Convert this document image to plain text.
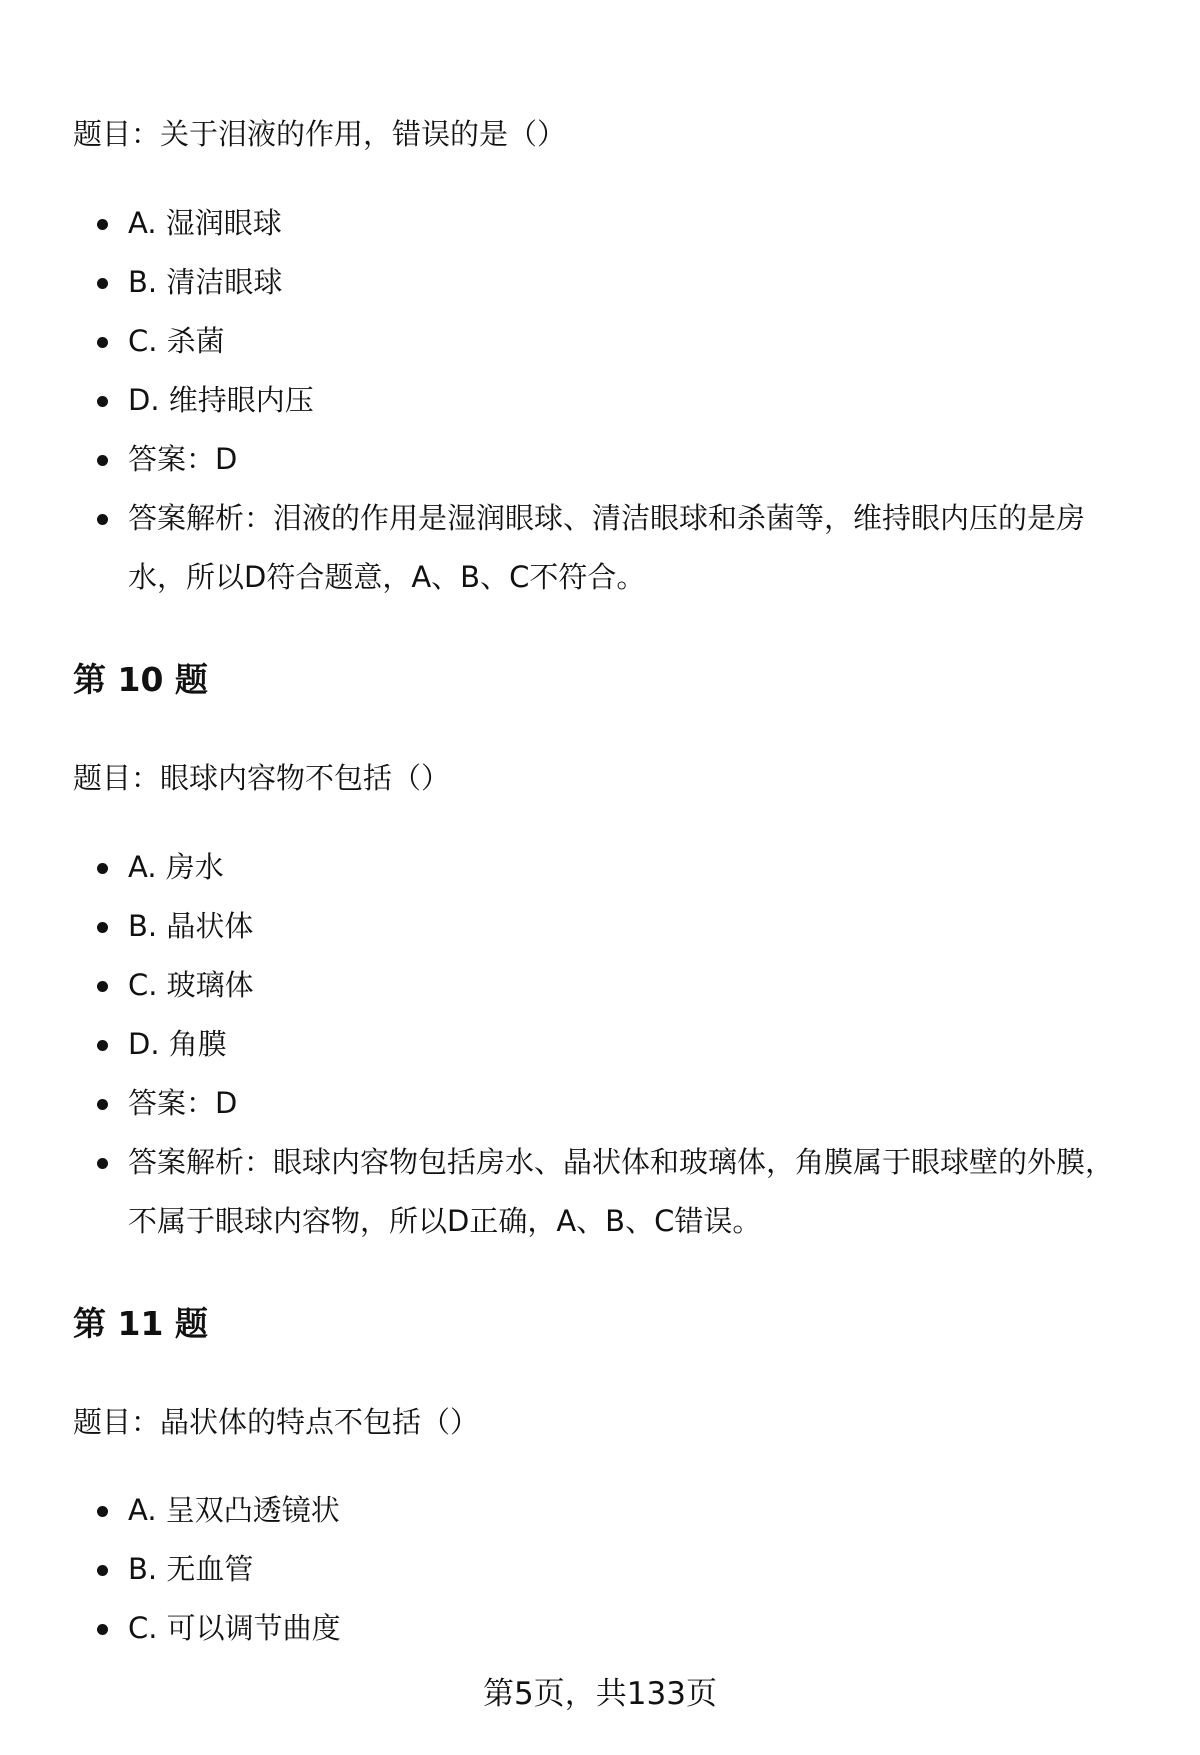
题目：关于泪液的作用，错误的是（）

A. 湿润眼球
B. 清洁眼球
C. 杀菌
D. 维持眼内压
答案：D
答案解析：泪液的作用是湿润眼球、清洁眼球和杀菌等，维持眼内压的是房水，所以D符合题意，A、B、C不符合。
第 10 题

题目：眼球内容物不包括（）

A. 房水
B. 晶状体
C. 玻璃体
D. 角膜
答案：D
答案解析：眼球内容物包括房水、晶状体和玻璃体，角膜属于眼球壁的外膜，不属于眼球内容物，所以D正确，A、B、C错误。
第 11 题

题目：晶状体的特点不包括（）

A. 呈双凸透镜状
B. 无血管
C. 可以调节曲度
第5页，共133页
